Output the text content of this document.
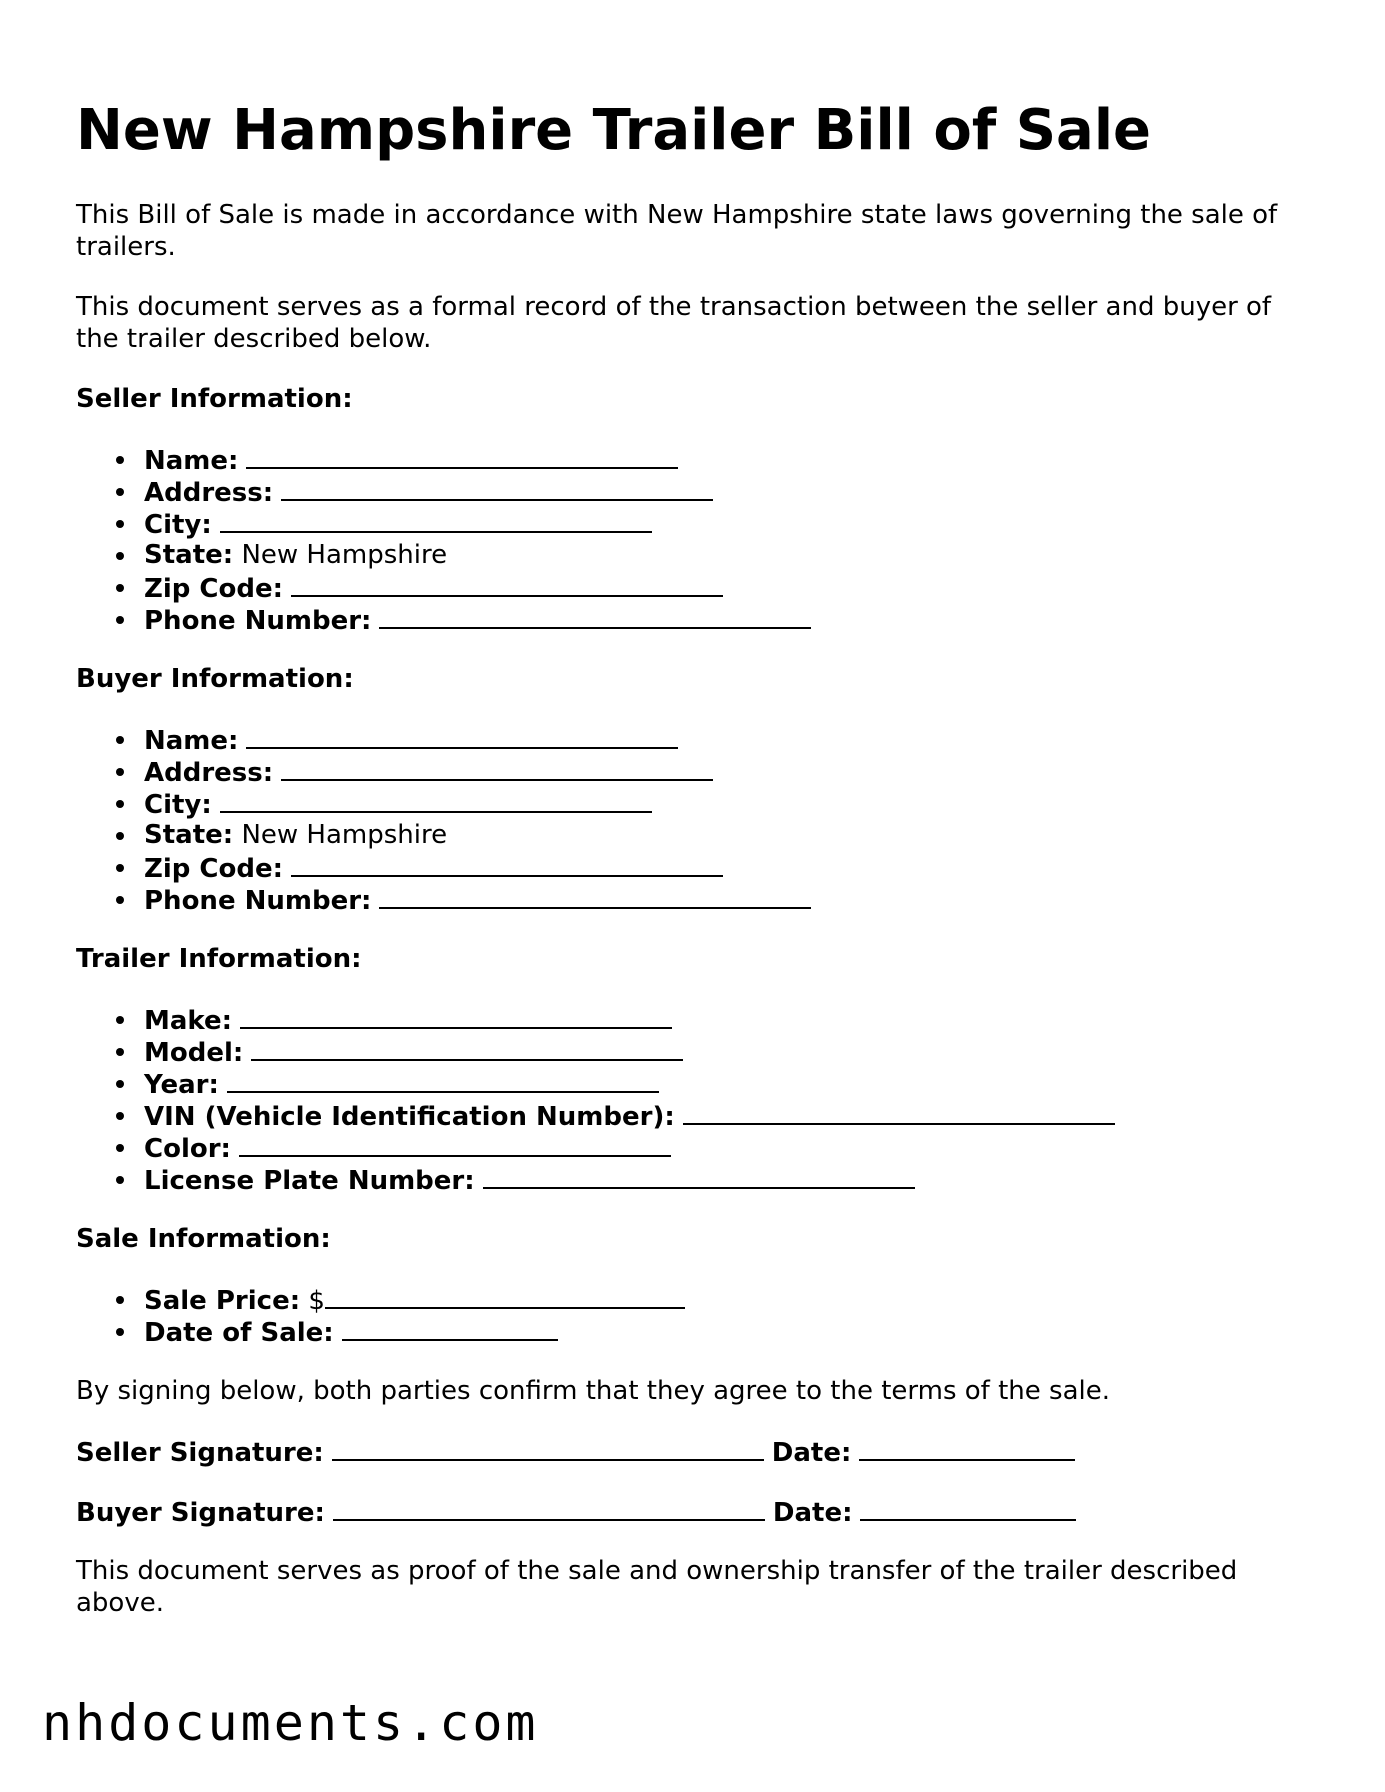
New Hampshire Trailer Bill of Sale

This Bill of Sale is made in accordance with New Hampshire state laws governing the sale of trailers.

This document serves as a formal record of the transaction between the seller and buyer of the trailer described below.

Seller Information:
Name:
Address:
City:
State: New Hampshire
Zip Code:
Phone Number:
Buyer Information:
Name:
Address:
City:
State: New Hampshire
Zip Code:
Phone Number:
Trailer Information:
Make:
Model:
Year:
VIN (Vehicle Identification Number):
Color:
License Plate Number:
Sale Information:
Sale Price: $
Date of Sale:

By signing below, both parties confirm that they agree to the terms of the sale.

Seller Signature:	Date:
Buyer Signature:	Date:

This document serves as proof of the sale and ownership transfer of the trailer described above.

nhdocuments.com
